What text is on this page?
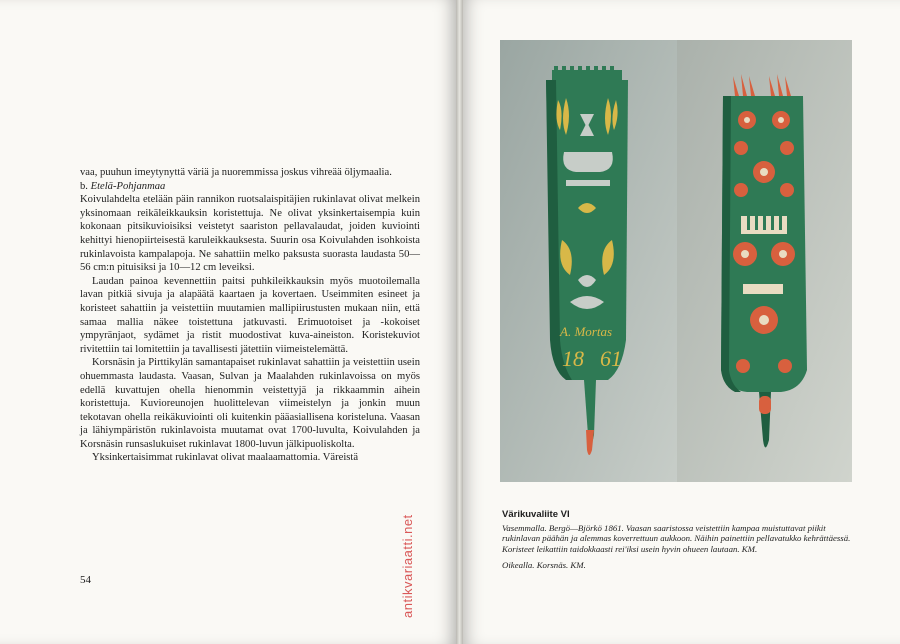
vaa, puuhun imeytynyttä väriä ja nuoremmissa joskus vihreää öljymaalia.

b. Etelä-Pohjanmaa

Koivulahdelta etelään päin rannikon ruotsalaispitäjien rukinlavat olivat melkein yksinomaan reikäleikkauksin koristettuja. Ne olivat yksinkertaisempia kuin kokonaan pitsikuvioisiksi veistetyt saariston pellavalaudat, joiden kuviointi kehittyi hienopiirteisestä karuleikkauksesta. Suurin osa Koivulahden isohkoista rukinlavoista kampalapoja. Ne sahattiin melko paksusta suorasta laudasta 50—56 cm:n pituisiksi ja 10—12 cm leveiksi.

Laudan painoa kevennettiin paitsi puhkileikkauksin myös muotoilemalla lavan pitkiä sivuja ja alapäätä kaartaen ja kovertaen. Useimmiten esineet ja koristeet sahattiin ja veistettiin muutamien mallipiirustusten mukaan niin, että samaa mallia näkee toistettuna jatkuvasti. Erimuotoiset ja -kokoiset ympyränjaot, sydämet ja ristit muodostivat kuva-aineiston. Koristekuviot rivitettiin tai lomitettiin ja tavallisesti jätettiin viimeistelemättä.

Korsnäsin ja Pirttikylän samantapaiset rukinlavat sahattiin ja veistettiin usein ohuemmasta laudasta. Vaasan, Sulvan ja Maalahden rukinlavoissa on myös edellä kuvattujen ohella hienommin veistettyjä ja rikkaammin aihein koristettuja. Kuvioreunojen huolittelevan viimeistelyn ja jonkin muun tekotavan ohella reikäkuviointi oli kuitenkin pääasiallisena koristeluna. Vaasan ja lähiympäristön rukinlavoista muutamat ovat 1700-luvulta, Koivulahden ja Korsnäsin runsaslukuiset rukinlavat 1800-luvun jälkipuoliskolta.

Yksinkertaisimmat rukinlavat olivat maalaamattomia. Väreistä

54	antikvariaatti.net
A. Mortas
18 61
Värikuvaliite VI
Vasemmalla. Bergö—Björkö 1861. Vaasan saaristossa veistettiin kampaa muistuttavat piikit rukinlavan päähän ja alemmas koverrettuun aukkoon. Näihin painettiin pellavatukko kehrättäessä. Koristeet leikattiin taidokkaasti rei'iksi usein hyvin ohueen lautaan. KM.
Oikealla. Korsnäs. KM.
